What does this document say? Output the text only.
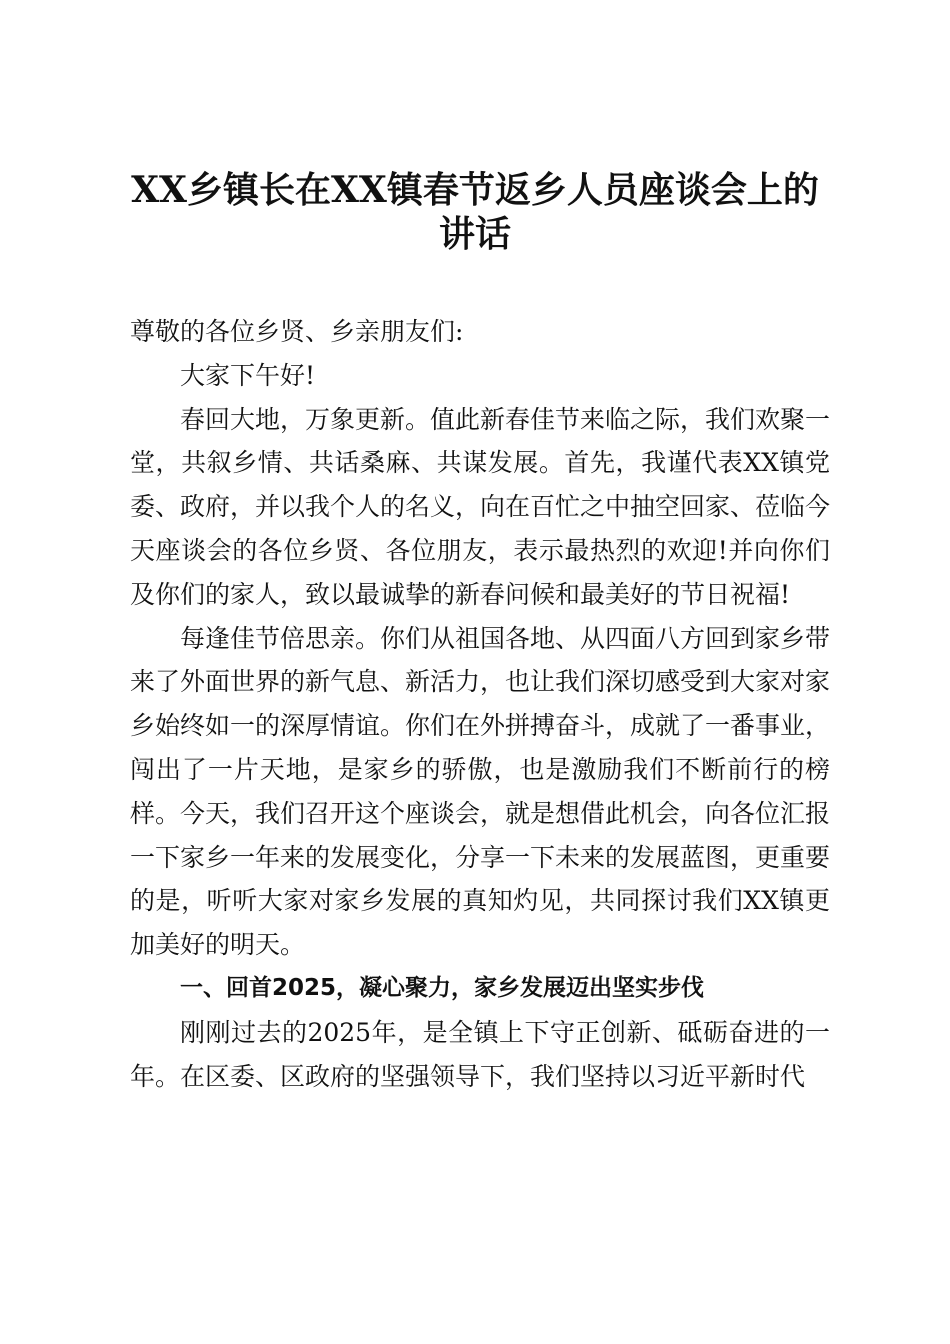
XX乡镇长在XX镇春节返乡人员座谈会上的
讲话

尊敬的各位乡贤、乡亲朋友们:

大家下午好!

春回大地，万象更新。值此新春佳节来临之际，我们欢聚一堂，共叙乡情、共话桑麻、共谋发展。首先，我谨代表XX镇党委、政府，并以我个人的名义，向在百忙之中抽空回家、莅临今天座谈会的各位乡贤、各位朋友，表示最热烈的欢迎!并向你们及你们的家人，致以最诚挚的新春问候和最美好的节日祝福!

每逢佳节倍思亲。你们从祖国各地、从四面八方回到家乡带来了外面世界的新气息、新活力，也让我们深切感受到大家对家乡始终如一的深厚情谊。你们在外拼搏奋斗，成就了一番事业，闯出了一片天地，是家乡的骄傲，也是激励我们不断前行的榜样。今天，我们召开这个座谈会，就是想借此机会，向各位汇报一下家乡一年来的发展变化，分享一下未来的发展蓝图，更重要的是，听听大家对家乡发展的真知灼见，共同探讨我们XX镇更加美好的明天。

一、回首2025，凝心聚力，家乡发展迈出坚实步伐

刚刚过去的2025年，是全镇上下守正创新、砥砺奋进的一年。在区委、区政府的坚强领导下，我们坚持以习近平新时代
